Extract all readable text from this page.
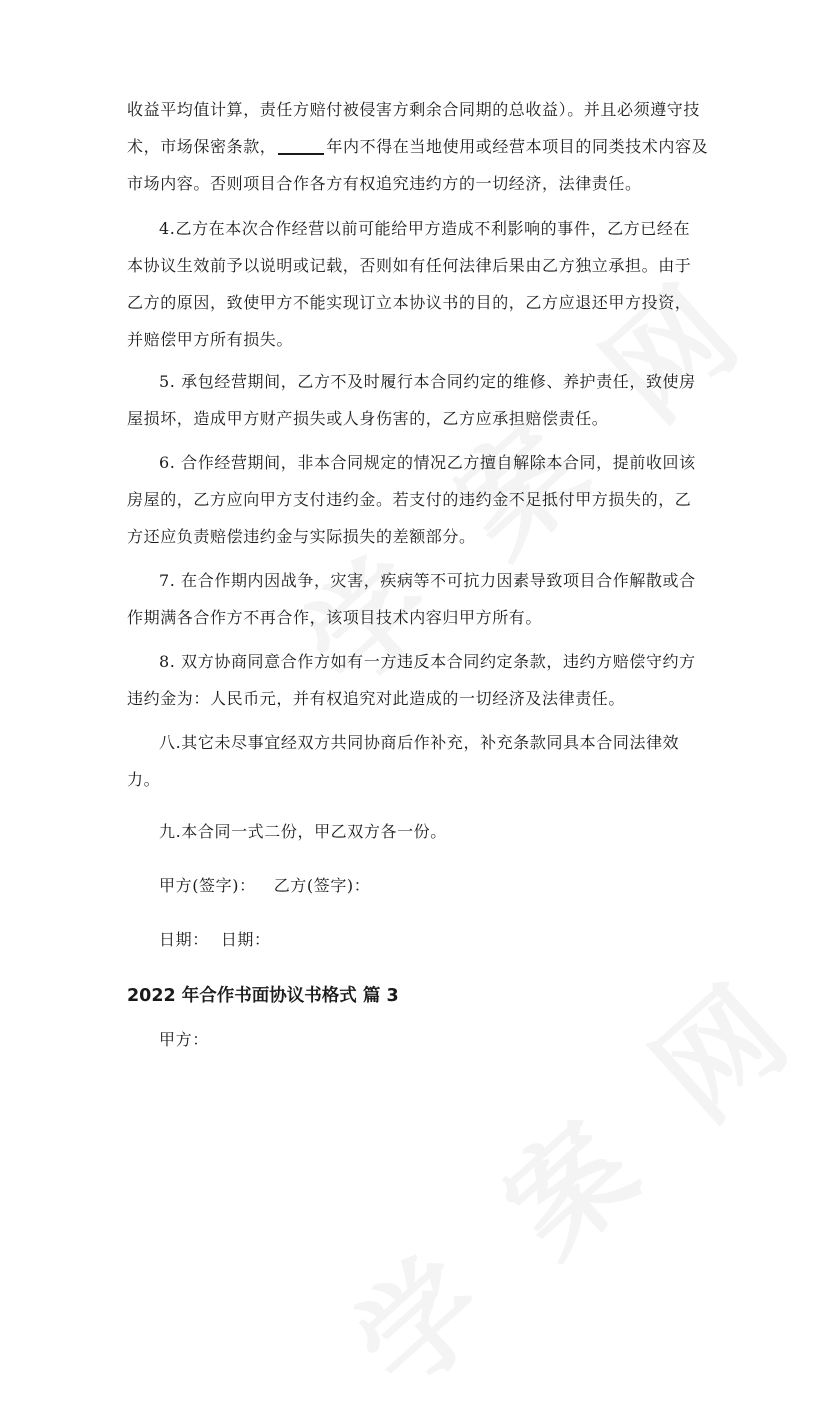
收益平均值计算，责任方赔付被侵害方剩余合同期的总收益）。并且必须遵守技
术，市场保密条款，	年内不得在当地使用或经营本项目的同类技术内容及
市场内容。否则项目合作各方有权追究违约方的一切经济，法律责任。
4.乙方在本次合作经营以前可能给甲方造成不利影响的事件，乙方已经在
本协议生效前予以说明或记载，否则如有任何法律后果由乙方独立承担。由于
乙方的原因，致使甲方不能实现订立本协议书的目的，乙方应退还甲方投资，
并赔偿甲方所有损失。
5. 承包经营期间，乙方不及时履行本合同约定的维修、养护责任，致使房
屋损坏，造成甲方财产损失或人身伤害的，乙方应承担赔偿责任。
6. 合作经营期间，非本合同规定的情况乙方擅自解除本合同，提前收回该
房屋的，乙方应向甲方支付违约金。若支付的违约金不足抵付甲方损失的，乙
方还应负责赔偿违约金与实际损失的差额部分。
7. 在合作期内因战争，灾害，疾病等不可抗力因素导致项目合作解散或合
作期满各合作方不再合作，该项目技术内容归甲方所有。
8. 双方协商同意合作方如有一方违反本合同约定条款，违约方赔偿守约方
违约金为：人民币元，并有权追究对此造成的一切经济及法律责任。
八.其它未尽事宜经双方共同协商后作补充，补充条款同具本合同法律效
力。
九.本合同一式二份，甲乙双方各一份。
甲方(签字)： 乙方(签字)：
日期： 日期：
2022 年合作书面协议书格式 篇 3
甲方：
